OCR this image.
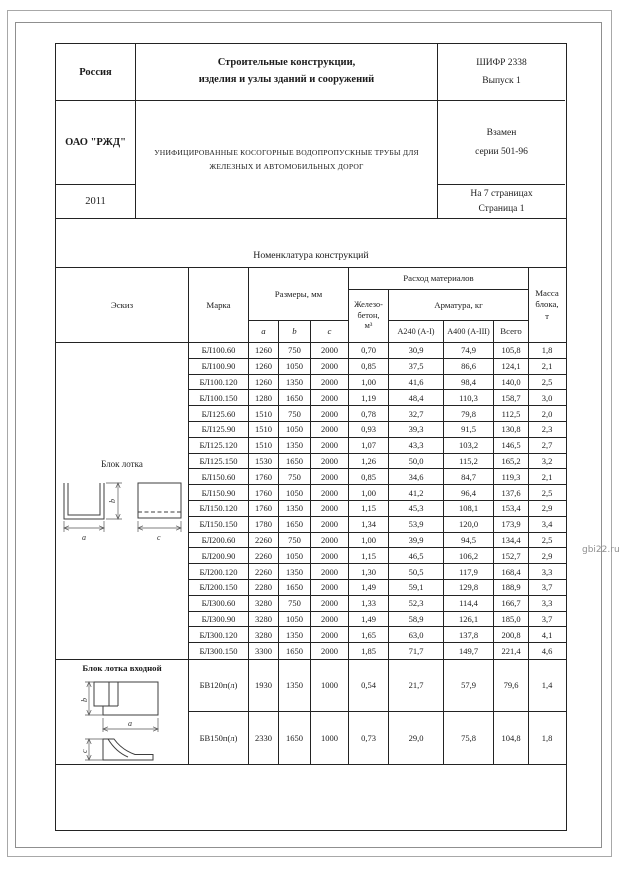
Россия
Строительные конструкции,
изделия и узлы зданий и сооружений
ШИФР 2338
Выпуск 1
ОАО "РЖД"
УНИФИЦИРОВАННЫЕ КОСОГОРНЫЕ ВОДОПРОПУСКНЫЕ ТРУБЫ ДЛЯ
ЖЕЛЕЗНЫХ И АВТОМОБИЛЬНЫХ ДОРОГ
Взамен
серии 501-96
2011
На 7 страницах
Страница 1
Номенклатура конструкций
Эскиз	Марка
Размеры, мм
a	b	c
Расход материалов
Железо-
бетон,
м³
Арматура, кг
А240 (А-I)	А400 (А-III)	Всего
Масса
блока,
т
Блок лотка
b
a	c
БЛ100.60	1260	750	2000	0,70	30,9	74,9	105,8	1,8
БЛ100.90	1260	1050	2000	0,85	37,5	86,6	124,1	2,1
БЛ100.120	1260	1350	2000	1,00	41,6	98,4	140,0	2,5
БЛ100.150	1280	1650	2000	1,19	48,4	110,3	158,7	3,0
БЛ125.60	1510	750	2000	0,78	32,7	79,8	112,5	2,0
БЛ125.90	1510	1050	2000	0,93	39,3	91,5	130,8	2,3
БЛ125.120	1510	1350	2000	1,07	43,3	103,2	146,5	2,7
БЛ125.150	1530	1650	2000	1,26	50,0	115,2	165,2	3,2
БЛ150.60	1760	750	2000	0,85	34,6	84,7	119,3	2,1
БЛ150.90	1760	1050	2000	1,00	41,2	96,4	137,6	2,5
БЛ150.120	1760	1350	2000	1,15	45,3	108,1	153,4	2,9
БЛ150.150	1780	1650	2000	1,34	53,9	120,0	173,9	3,4
БЛ200.60	2260	750	2000	1,00	39,9	94,5	134,4	2,5
БЛ200.90	2260	1050	2000	1,15	46,5	106,2	152,7	2,9
БЛ200.120	2260	1350	2000	1,30	50,5	117,9	168,4	3,3
БЛ200.150	2280	1650	2000	1,49	59,1	129,8	188,9	3,7
БЛ300.60	3280	750	2000	1,33	52,3	114,4	166,7	3,3
БЛ300.90	3280	1050	2000	1,49	58,9	126,1	185,0	3,7
БЛ300.120	3280	1350	2000	1,65	63,0	137,8	200,8	4,1
БЛ300.150	3300	1650	2000	1,85	71,7	149,7	221,4	4,6
Блок лотка входной
b
a
c
БВ120п(л)	1930	1350	1000	0,54	21,7	57,9	79,6	1,4
БВ150п(л)	2330	1650	1000	0,73	29,0	75,8	104,8	1,8
gbi22.ru
